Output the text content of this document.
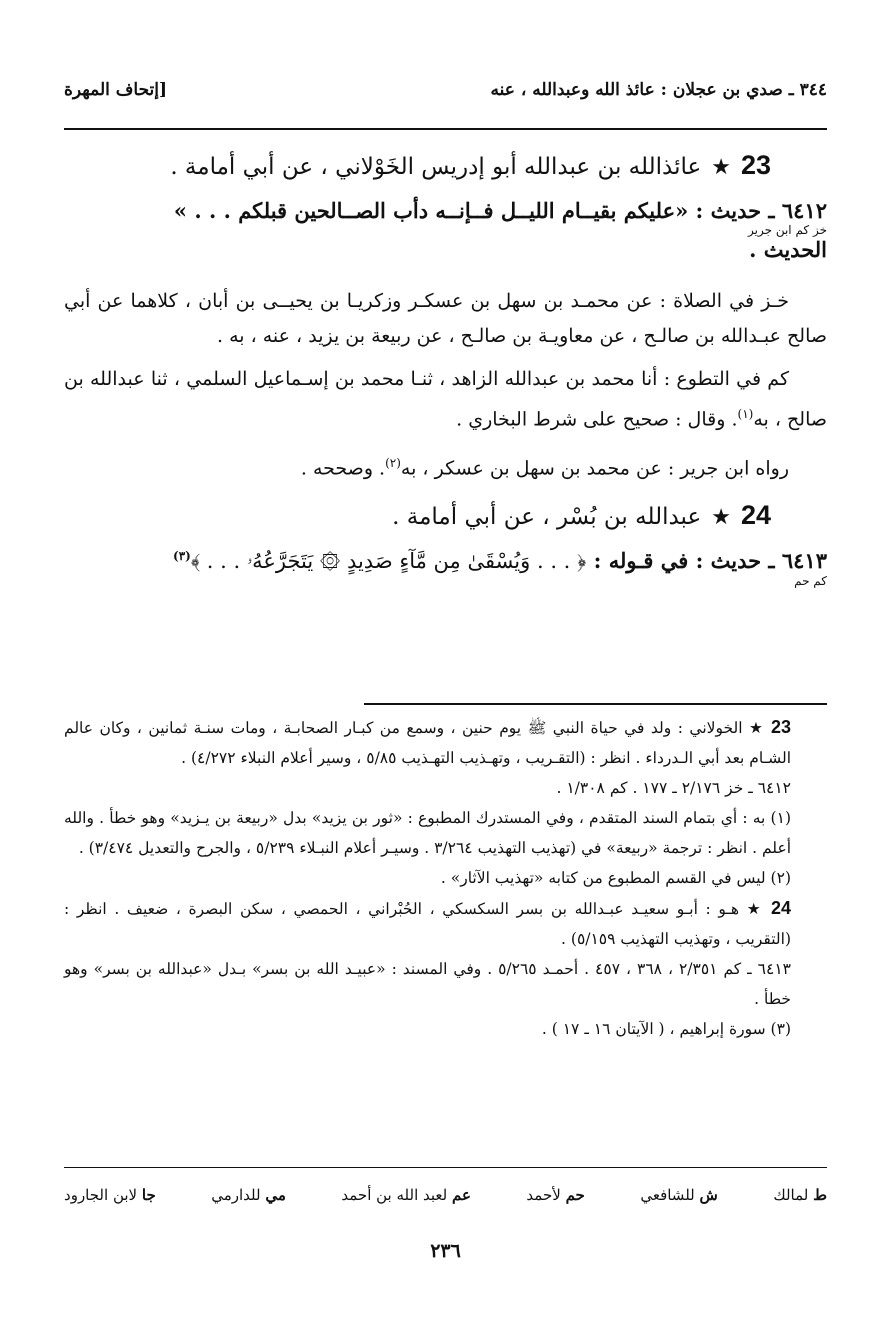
٣٤٤ ـ صدي بن عجلان : عائذ الله وعبدالله ، عنه
[إتحاف المهرة
23
★
عائذالله بن عبدالله أبو إدريس الخَوْلاني ، عن أبي أمامة .

٦٤١٢ ـ حديث : «عليكم بقيــام الليــل فــإنــه دأب الصــالحين قبلكم . . . »

خز كم ابن جرير

الحديث .

خـز في الصلاة : عن محمـد بن سهل بن عسكـر وزكريـا بن يحيــى بن أبان ، كلاهما عن أبي صالح عبـدالله بن صالـح ، عن معاويـة بن صالـح ، عن ربيعة بن يزيد ، عنه ، به .

كم في التطوع : أنا محمد بن عبدالله الزاهد ، ثنـا محمد بن إسـماعيل السلمي ، ثنا عبدالله بن صالح ، به$^{(١)}$. وقال : صحيح على شرط البخاري .

رواه ابن جرير : عن محمد بن سهل بن عسكر ، به$^{(٢)}$. وصححه .

24
★
عبدالله بن بُسْر ، عن أبي أمامة .

٦٤١٣ ـ حديث : في قـوله : ﴿ . . . وَيُسْقَىٰ مِن مَّآءٍ صَدِيدٍ ۞ يَتَجَرَّعُهُۥ . . . ﴾$^{(٣)}$

كم حم

23 ★ الخولاني : ولد في حياة النبي ﷺ يوم حنين ، وسمع من كبـار الصحابـة ، ومات سنـة ثمانين ، وكان عالم الشـام بعد أبي الـدرداء . انظر : (التقـريب ، وتهـذيب التهـذيب ٥/٨٥ ، وسير أعلام النبلاء ٤/٢٧٢) .

٦٤١٢ ـ خز ٢/١٧٦ ـ ١٧٧ . كم ١/٣٠٨ .

(١) به : أي بتمام السند المتقدم ، وفي المستدرك المطبوع : «ثور بن يزيد» بدل «ربيعة بن يـزيد» وهو خطأ . والله أعلم . انظر : ترجمة «ربيعة» في (تهذيب التهذيب ٣/٢٦٤ . وسيـر أعلام النبـلاء ٥/٢٣٩ ، والجرح والتعديل ٣/٤٧٤) .

(٢) ليس في القسم المطبوع من كتابه «تهذيب الآثار» .

24 ★ هـو : أبـو سعيـد عبـدالله بن بسر السكسكي ، الحُبْراني ، الحمصي ، سكن البصرة ، ضعيف . انظر : (التقريب ، وتهذيب التهذيب ٥/١٥٩) .

٦٤١٣ ـ كم ٢/٣٥١ ، ٣٦٨ ، ٤٥٧ . أحمـد ٥/٢٦٥ . وفي المسند : «عبيـد الله بن بسر» بـدل «عبدالله بن بسر» وهو خطأ .

(٣) سورة إبراهيم ، ( الآيتان ١٦ ـ ١٧ ) .

ط لمالك
ش للشافعي
حم لأحمد
عم لعبد الله بن أحمد
مي للدارمي
جا لابن الجارود
٢٣٦
